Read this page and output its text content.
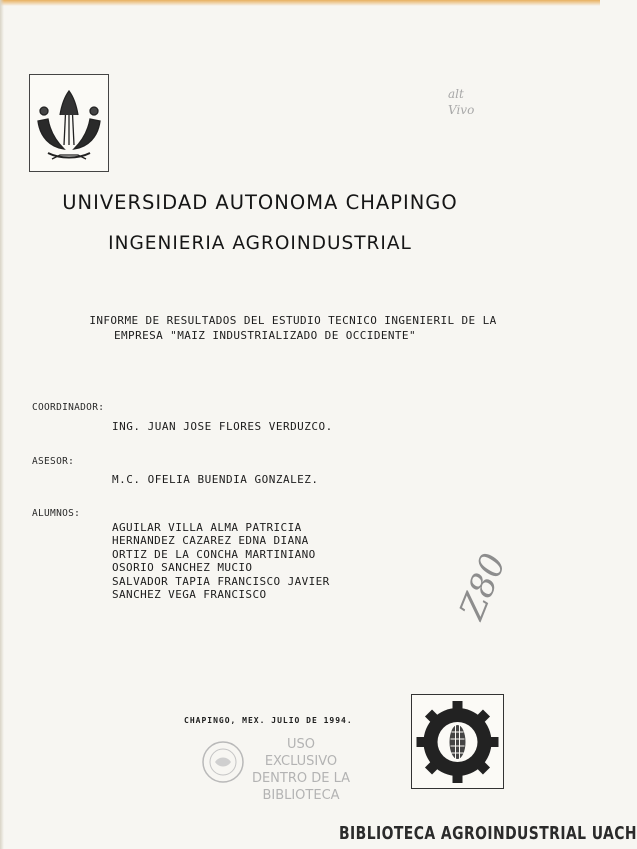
alt
Vivo
UNIVERSIDAD AUTONOMA CHAPINGO
INGENIERIA AGROINDUSTRIAL
INFORME DE RESULTADOS DEL ESTUDIO TECNICO INGENIERIL DE LA
EMPRESA "MAIZ INDUSTRIALIZADO DE OCCIDENTE"
COORDINADOR:
ING. JUAN JOSE FLORES VERDUZCO.
ASESOR:
M.C. OFELIA BUENDIA GONZALEZ.
ALUMNOS:
AGUILAR VILLA ALMA PATRICIA
HERNANDEZ CAZAREZ EDNA DIANA
ORTIZ DE LA CONCHA MARTINIANO
OSORIO SANCHEZ MUCIO
SALVADOR TAPIA FRANCISCO JAVIER
SANCHEZ VEGA FRANCISCO	Z80
CHAPINGO, MEX. JULIO DE 1994.
USO EXCLUSIVO
DENTRO DE LA
BIBLIOTECA
BIBLIOTECA AGROINDUSTRIAL UACH
